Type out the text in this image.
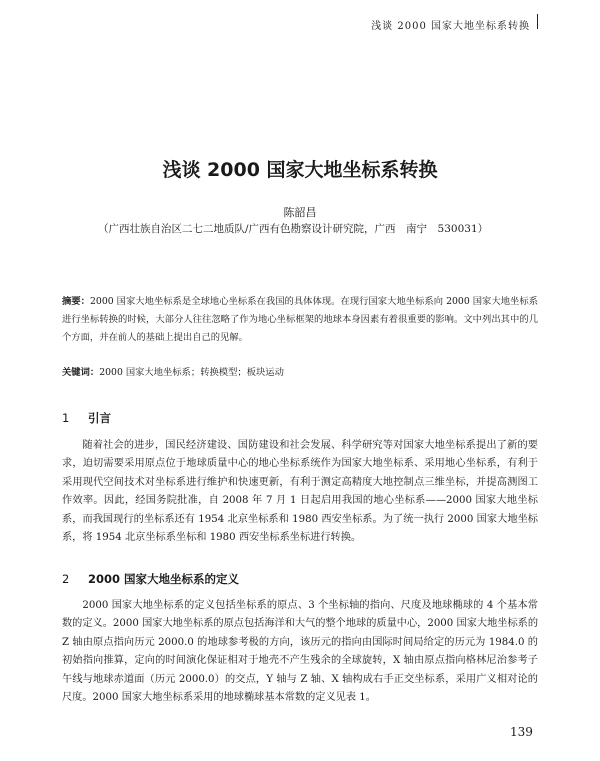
浅谈 2000 国家大地坐标系转换
浅谈 2000 国家大地坐标系转换
陈韶昌
（广西壮族自治区二七二地质队/广西有色勘察设计研究院，广西　南宁　530031）
摘要：2000 国家大地坐标系是全球地心坐标系在我国的具体体现。在现行国家大地坐标系向 2000 国家大地坐标系进行坐标转换的时候，大部分人往往忽略了作为地心坐标框架的地球本身因素有着很重要的影响。文中列出其中的几个方面，并在前人的基础上提出自己的见解。
关键词：2000 国家大地坐标系；转换模型；板块运动
1 引言
随着社会的进步，国民经济建设、国防建设和社会发展、科学研究等对国家大地坐标系提出了新的要求，迫切需要采用原点位于地球质量中心的地心坐标系统作为国家大地坐标系、采用地心坐标系，有利于采用现代空间技术对坐标系进行维护和快速更新，有利于测定高精度大地控制点三维坐标，并提高测图工作效率。因此，经国务院批准，自 2008 年 7 月 1 日起启用我国的地心坐标系——2000 国家大地坐标系，而我国现行的坐标系还有 1954 北京坐标系和 1980 西安坐标系。为了统一执行 2000 国家大地坐标系，将 1954 北京坐标系坐标和 1980 西安坐标系坐标进行转换。
2 2000 国家大地坐标系的定义
2000 国家大地坐标系的定义包括坐标系的原点、3 个坐标轴的指向、尺度及地球椭球的 4 个基本常数的定义。2000 国家大地坐标系的原点包括海洋和大气的整个地球的质量中心，2000 国家大地坐标系的 Z 轴由原点指向历元 2000.0 的地球参考极的方向，该历元的指向由国际时间局给定的历元为 1984.0 的初始指向推算，定向的时间演化保证相对于地壳不产生残余的全球旋转，X 轴由原点指向格林尼治参考子午线与地球赤道面（历元 2000.0）的交点，Y 轴与 Z 轴、X 轴构成右手正交坐标系，采用广义相对论的尺度。2000 国家大地坐标系采用的地球椭球基本常数的定义见表 1。
139
